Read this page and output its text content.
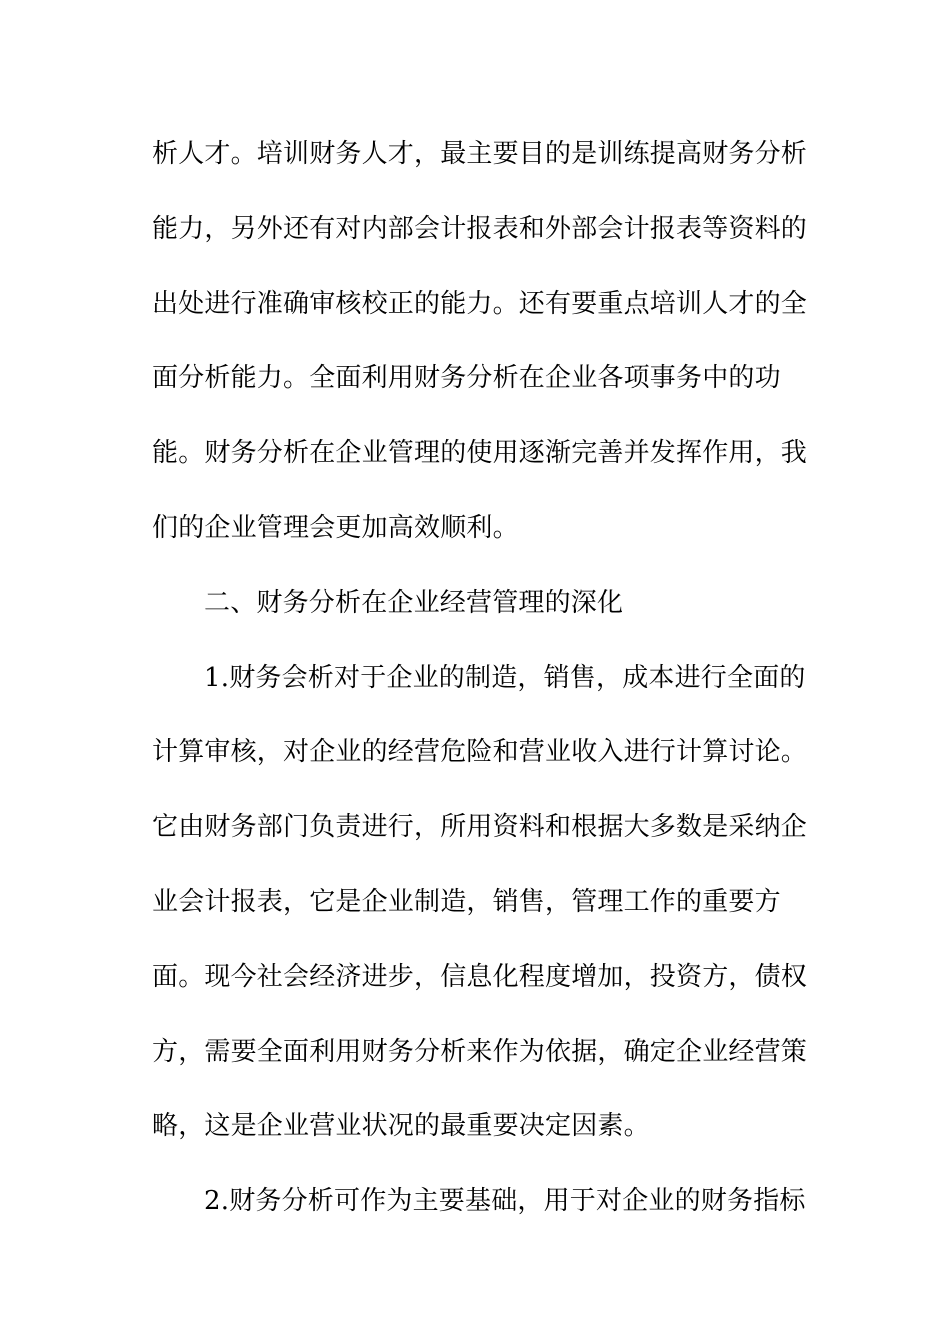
析人才。培训财务人才，最主要目的是训练提高财务分析
能力，另外还有对内部会计报表和外部会计报表等资料的
出处进行准确审核校正的能力。还有要重点培训人才的全
面分析能力。全面利用财务分析在企业各项事务中的功
能。财务分析在企业管理的使用逐渐完善并发挥作用，我
们的企业管理会更加高效顺利。
二、财务分析在企业经营管理的深化
1.财务会析对于企业的制造，销售，成本进行全面的
计算审核，对企业的经营危险和营业收入进行计算讨论。
它由财务部门负责进行，所用资料和根据大多数是采纳企
业会计报表，它是企业制造，销售，管理工作的重要方
面。现今社会经济进步，信息化程度增加，投资方，债权
方，需要全面利用财务分析来作为依据，确定企业经营策
略，这是企业营业状况的最重要决定因素。
2.财务分析可作为主要基础，用于对企业的财务指标
